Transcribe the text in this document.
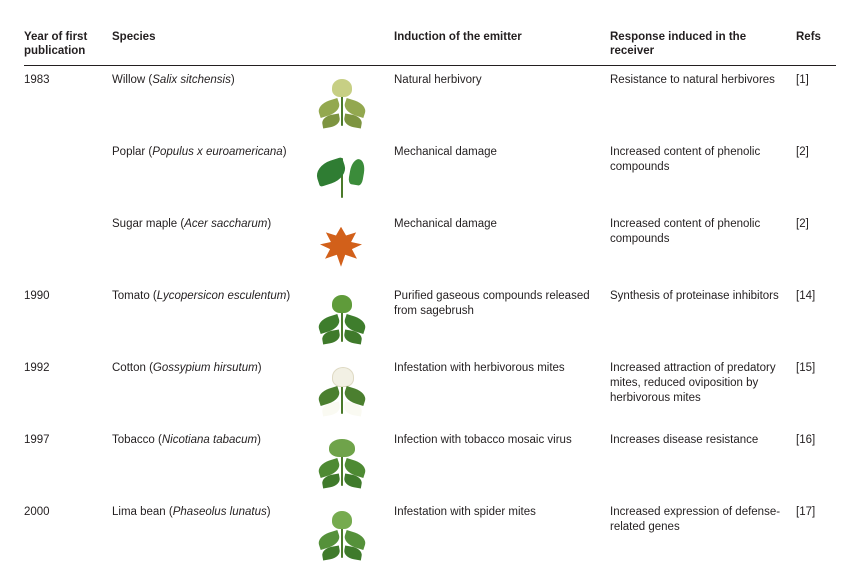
Year of first publication	Species		Induction of the emitter	Response induced in the receiver	Refs
1983	Willow (Salix sitchensis)		Natural herbivory	Resistance to natural herbivores	[1]
	Poplar (Populus x euroamericana)		Mechanical damage	Increased content of phenolic compounds	[2]
	Sugar maple (Acer saccharum)		Mechanical damage	Increased content of phenolic compounds	[2]
1990	Tomato (Lycopersicon esculentum)		Purified gaseous compounds released from sagebrush	Synthesis of proteinase inhibitors	[14]
1992	Cotton (Gossypium hirsutum)		Infestation with herbivorous mites	Increased attraction of predatory mites, reduced oviposition by herbivorous mites	[15]
1997	Tobacco (Nicotiana tabacum)		Infection with tobacco mosaic virus	Increases disease resistance	[16]
2000	Lima bean (Phaseolus lunatus)		Infestation with spider mites	Increased expression of defense-related genes	[17]
